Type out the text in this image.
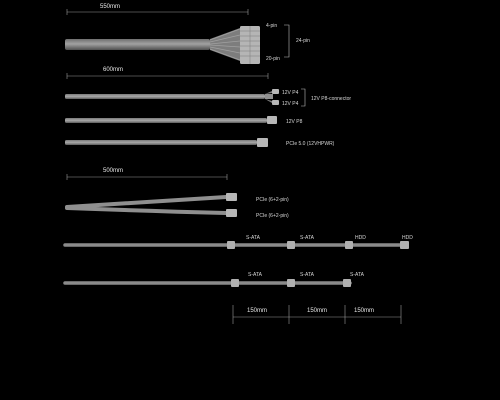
550mm
4-pin
20-pin
24-pin
600mm
12V P4
12V P4
12V P8-connector
12V P8
PCIe 5.0 (12VHPWR)
500mm
PCIe (6+2-pin)
PCIe (6+2-pin)
S-ATA	S-ATA	HDD	HDD
S-ATA	S-ATA	S-ATA
150mm	150mm	150mm
